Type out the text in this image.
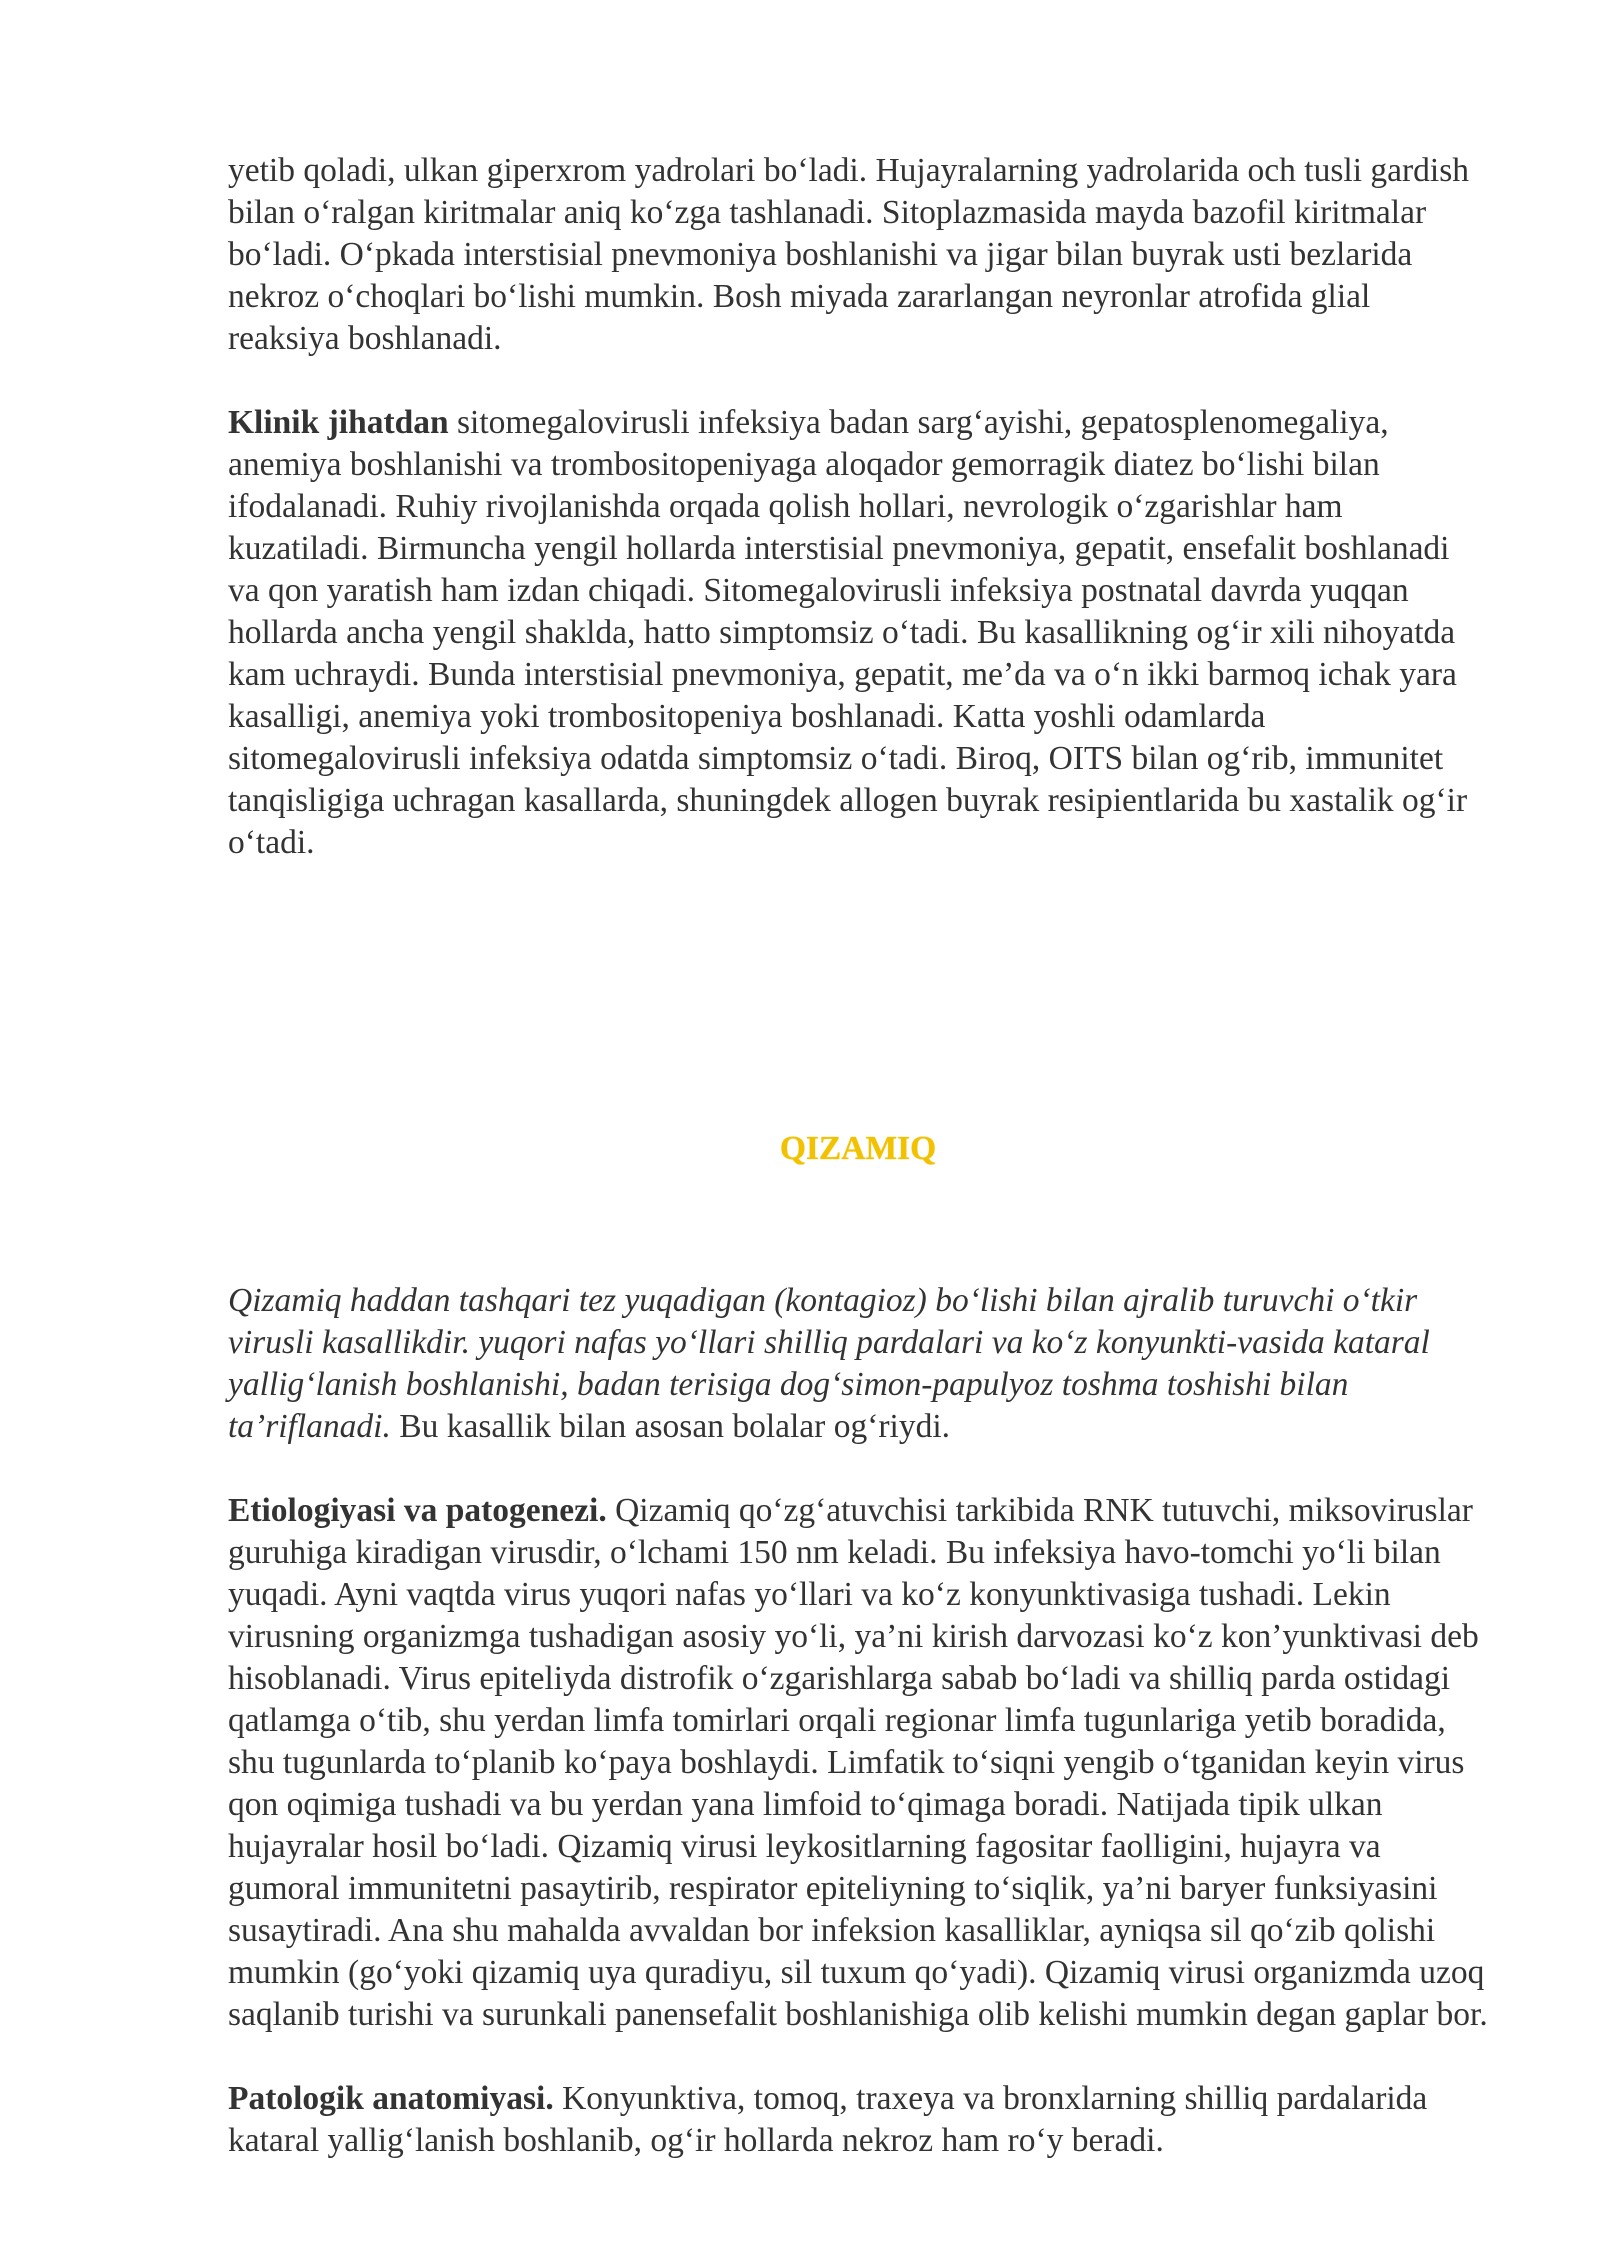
yetib qoladi, ulkan giperxrom yadrolari boʻladi. Hujayralarning yadrolarida och tusli gardish bilan oʻralgan kiritmalar aniq koʻzga tashlanadi. Sitoplazmasida mayda bazofil kiritmalar boʻladi. Oʻpkada interstisial pnevmoniya boshlanishi va jigar bilan buyrak usti bezlarida nekroz oʻchoqlari boʻlishi mumkin. Bosh miyada zararlangan neyronlar atrofida glial reaksiya boshlanadi.

Klinik jihatdan sitomegalovirusli infeksiya badan sargʻayishi, gepatosplenomegaliya, anemiya boshlanishi va trombositopeniyaga aloqador gemorragik diatez boʻlishi bilan ifodalanadi. Ruhiy rivojlanishda orqada qolish hollari, nevrologik oʻzgarishlar ham kuzatiladi. Birmuncha yengil hollarda interstisial pnevmoniya, gepatit, ensefalit boshlanadi va qon yaratish ham izdan chiqadi. Sitomegalovirusli infeksiya postnatal davrda yuqqan hollarda ancha yengil shakldа, hatto simptomsiz oʻtadi. Bu kasallikning ogʻir xili nihoyatda kam uchraydi. Bunda interstisial pnevmoniya, gepatit, me’da va oʻn ikki barmoq ichak yara kasalligi, anemiya yoki trombositopeniya boshlanadi. Katta yoshli odamlarda sitomegalovirusli infeksiya odatda simptomsiz oʻtadi. Biroq, OITS bilan ogʻrib, immunitet tanqisligiga uchragan kasallarda, shuningdek allogen buyrak resipientlarida bu xastalik ogʻir oʻtadi.

QIZAMIQ

Qizamiq haddan tashqari tez yuqadigan (kontagioz) boʻlishi bilan ajralib turuvchi oʻtkir virusli kasallikdir. yuqori nafas yoʻllari shilliq pardalari va koʻz konyunkti-vasida kataral yalligʻlanish boshlanishi, badan terisiga dogʻsimon-papulyoz toshma toshishi bilan ta’riflanadi. Bu kasallik bilan asosan bolalar ogʻriydi.

Etiologiyasi va patogenezi. Qizamiq qoʻzgʻatuvchisi tarkibida RNK tutuvchi, miksoviruslar guruhiga kiradigan virusdir, oʻlchami 150 nm keladi. Bu infeksiya havo-tomchi yoʻli bilan yuqadi. Ayni vaqtda virus yuqori nafas yoʻllari va koʻz konyunktivasiga tushadi. Lekin virusning organizmga tushadigan asosiy yoʻli, ya’ni kirish darvozasi koʻz kon’yunktivasi deb hisoblanadi. Virus epiteliyda distrofik oʻzgarishlarga sabab boʻladi va shilliq parda ostidagi qatlamga oʻtib, shu yerdan limfa tomirlari orqali regionar limfa tugunlariga yetib boradida, shu tugunlarda toʻplanib koʻpaya boshlaydi. Limfatik toʻsiqni yengib oʻtganidan keyin virus qon oqimiga tushadi va bu yerdan yana limfoid toʻqimaga boradi. Natijada tipik ulkan hujayralar hosil boʻladi. Qizamiq virusi leykositlarning fagositar faolligini, hujayra va gumoral immunitetni pasaytirib, respirator epiteliyning toʻsiqlik, ya’ni baryer funksiyasini susaytiradi. Ana shu mahalda avvaldan bor infeksion kasalliklar, ayniqsa sil qoʻzib qolishi mumkin (goʻyoki qizamiq uya quradiyu, sil tuxum qoʻyadi). Qizamiq virusi organizmda uzoq saqlanib turishi va surunkali panensefalit boshlanishiga olib kelishi mumkin degan gaplar bor.

Patologik anatomiyasi. Konyunktiva, tomoq, traxeya va bronxlarning shilliq pardalarida kataral yalligʻlanish boshlanib, ogʻir hollarda nekroz ham roʻy beradi.
